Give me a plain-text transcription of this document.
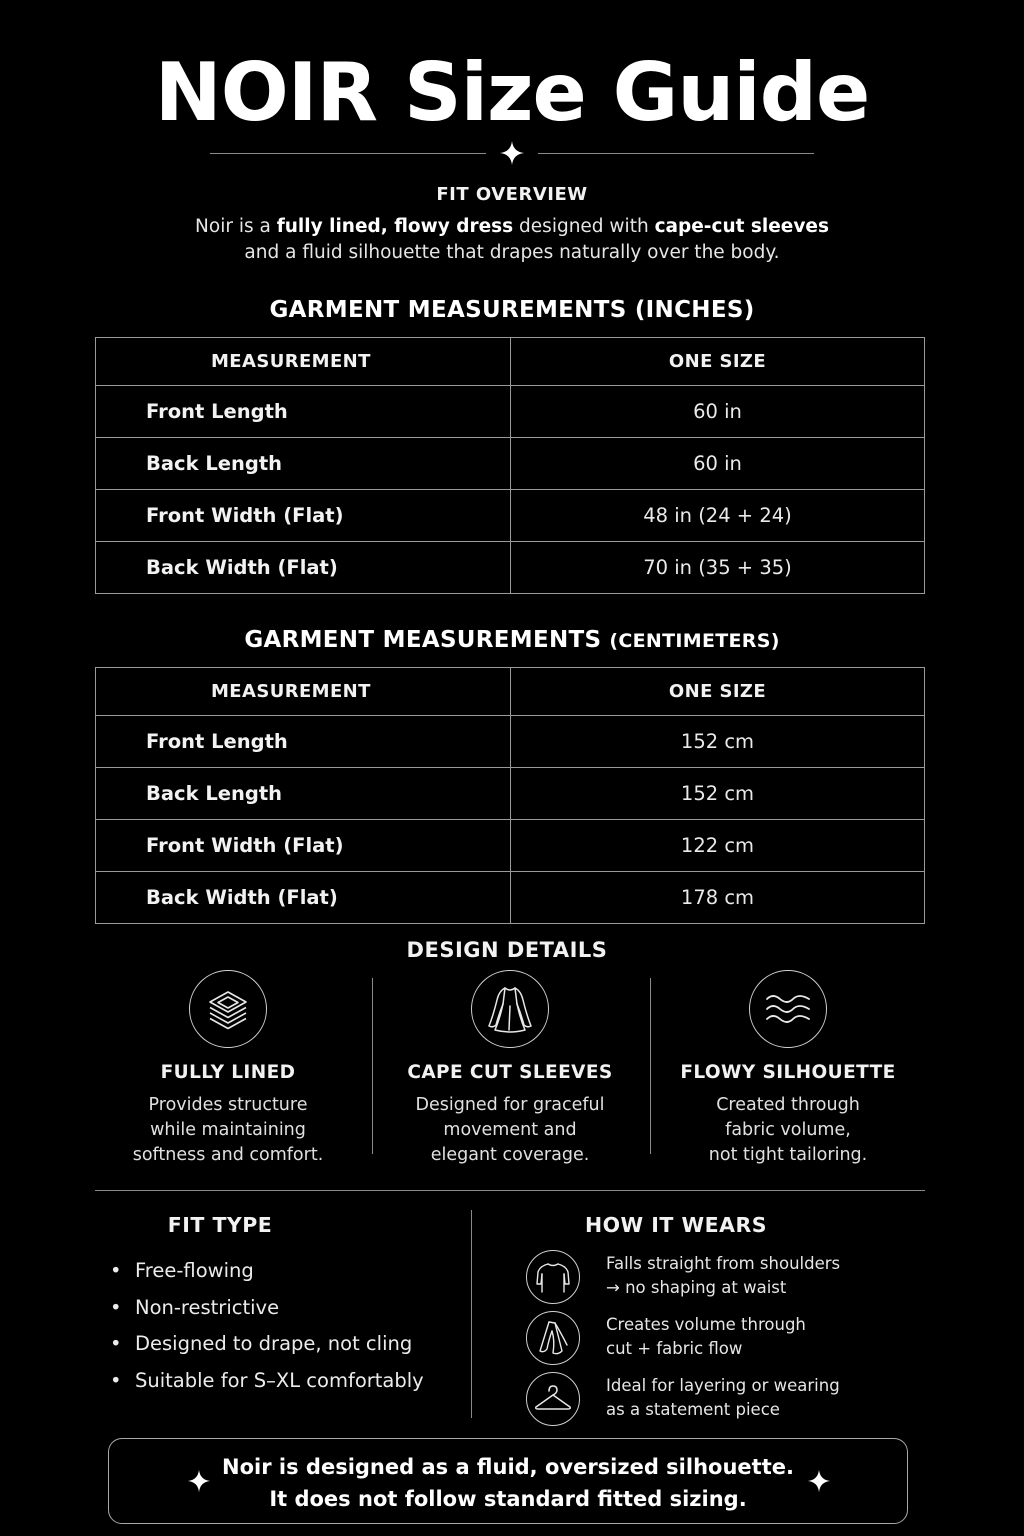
NOIR Size Guide
FIT OVERVIEW
Noir is a fully lined, flowy dress designed with cape-cut sleeves
and a fluid silhouette that drapes naturally over the body.
GARMENT MEASUREMENTS (INCHES)
MEASUREMENT	ONE SIZE
Front Length	60 in
Back Length	60 in
Front Width (Flat)	48 in (24 + 24)
Back Width (Flat)	70 in (35 + 35)
GARMENT MEASUREMENTS (CENTIMETERS)
MEASUREMENT	ONE SIZE
Front Length	152 cm
Back Length	152 cm
Front Width (Flat)	122 cm
Back Width (Flat)	178 cm
DESIGN DETAILS
FULLY LINED
Provides structure
while maintaining
softness and comfort.
CAPE CUT SLEEVES
Designed for graceful
movement and
elegant coverage.
FLOWY SILHOUETTE
Created through
fabric volume,
not tight tailoring.
FIT TYPE
• Free-flowing
• Non-restrictive
• Designed to drape, not cling
• Suitable for S–XL comfortably
HOW IT WEARS
Falls straight from shoulders
→ no shaping at waist
Creates volume through
cut + fabric flow
Ideal for layering or wearing
as a statement piece
Noir is designed as a fluid, oversized silhouette.
It does not follow standard fitted sizing.
